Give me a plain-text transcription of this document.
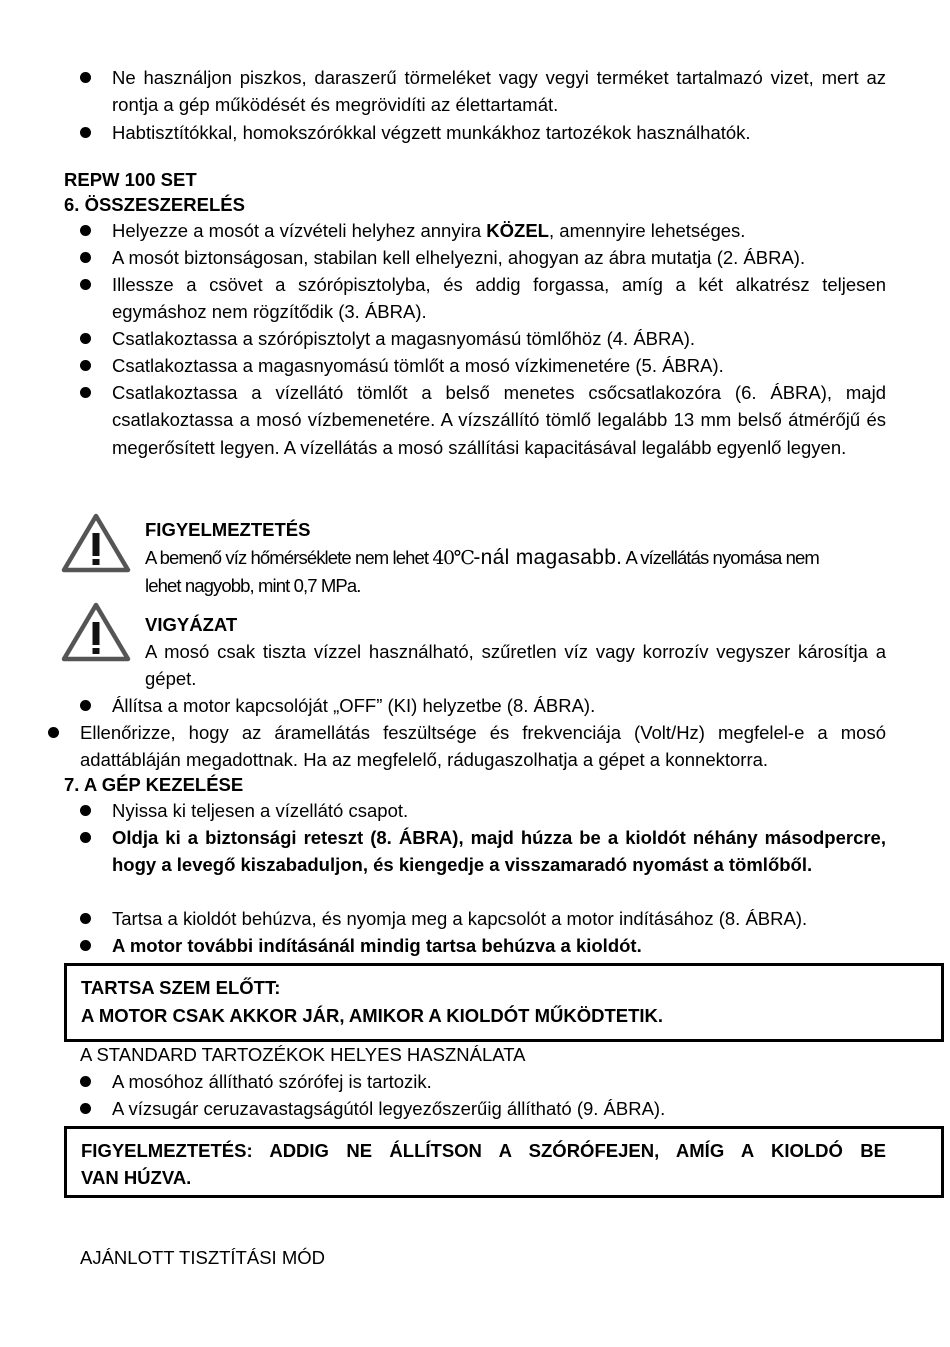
Ne használjon piszkos, daraszerű törmeléket vagy vegyi terméket tartalmazó vizet, mert az rontja a gép működését és megrövidíti az élettartamát.
Habtisztítókkal, homokszórókkal végzett munkákhoz tartozékok használhatók.
REPW 100 SET
6. ÖSSZESZERELÉS
Helyezze a mosót a vízvételi helyhez annyira KÖZEL, amennyire lehetséges.
A mosót biztonságosan, stabilan kell elhelyezni, ahogyan az ábra mutatja (2. ÁBRA).
Illessze a csövet a szórópisztolyba, és addig forgassa, amíg a két alkatrész teljesen egymáshoz nem rögzítődik (3. ÁBRA).
Csatlakoztassa a szórópisztolyt a magasnyomású tömlőhöz (4. ÁBRA).
Csatlakoztassa a magasnyomású tömlőt a mosó vízkimenetére (5. ÁBRA).
Csatlakoztassa a vízellátó tömlőt a belső menetes csőcsatlakozóra (6. ÁBRA), majd csatlakoztassa a mosó vízbemenetére. A vízszállító tömlő legalább 13 mm belső átmérőjű és megerősített legyen. A vízellátás a mosó szállítási kapacitásával legalább egyenlő legyen.
FIGYELMEZTETÉS
A bemenő víz hőmérséklete nem lehet 40℃-nál magasabb. A vízellátás nyomása nem
lehet nagyobb, mint 0,7 MPa.
VIGYÁZAT
A mosó csak tiszta vízzel használható, szűretlen víz vagy korrozív vegyszer károsítja a gépet.
Állítsa a motor kapcsolóját „OFF” (KI) helyzetbe (8. ÁBRA).
Ellenőrizze, hogy az áramellátás feszültsége és frekvenciája (Volt/Hz) megfelel-e a mosó adattábláján megadottnak. Ha az megfelelő, rádugaszolhatja a gépet a konnektorra.
7. A GÉP KEZELÉSE
Nyissa ki teljesen a vízellátó csapot.
Oldja ki a biztonsági reteszt (8. ÁBRA), majd húzza be a kioldót néhány másodpercre, hogy a levegő kiszabaduljon, és kiengedje a visszamaradó nyomást a tömlőből.
Tartsa a kioldót behúzva, és nyomja meg a kapcsolót a motor indításához (8. ÁBRA).
A motor további indításánál mindig tartsa behúzva a kioldót.
TARTSA SZEM ELŐTT:
A MOTOR CSAK AKKOR JÁR, AMIKOR A KIOLDÓT MŰKÖDTETIK.
A STANDARD TARTOZÉKOK HELYES HASZNÁLATA
A mosóhoz állítható szórófej is tartozik.
A vízsugár ceruzavastagságútól legyezőszerűig állítható (9. ÁBRA).
FIGYELMEZTETÉS: ADDIG NE ÁLLÍTSON A SZÓRÓFEJEN, AMÍG A KIOLDÓ BE
VAN HÚZVA.
AJÁNLOTT TISZTÍTÁSI MÓD
